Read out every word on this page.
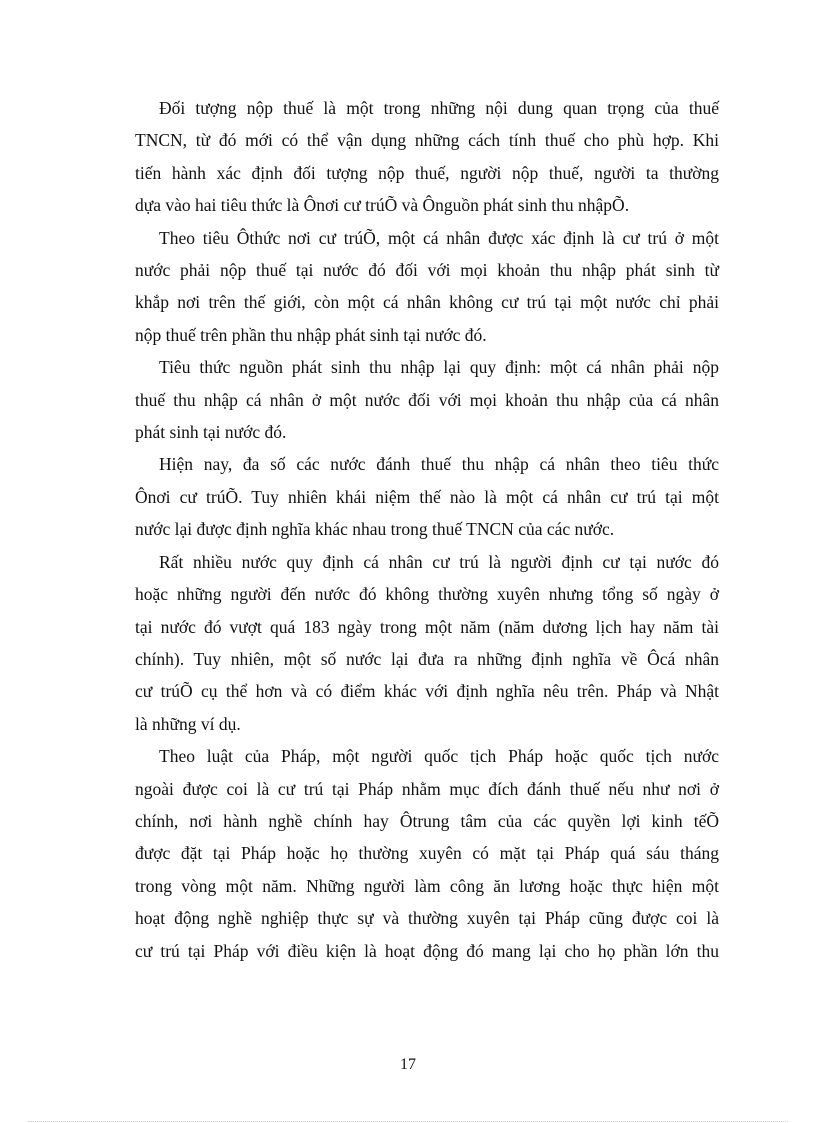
Đối tượng nộp thuế là một trong những nội dung quan trọng của thuế
TNCN, từ đó mới có thể vận dụng những cách tính thuế cho phù hợp. Khi
tiến hành xác định đối tượng nộp thuế, người nộp thuế, người ta thường
dựa vào hai tiêu thức là Ônơi cư trúÕ và Ônguồn phát sinh thu nhậpÕ.

Theo tiêu Ôthức nơi cư trúÕ, một cá nhân được xác định là cư trú ở một
nước phải nộp thuế tại nước đó đối với mọi khoản thu nhập phát sinh từ
khắp nơi trên thế giới, còn một cá nhân không cư trú tại một nước chỉ phải
nộp thuế trên phần thu nhập phát sinh tại nước đó.

Tiêu thức nguồn phát sinh thu nhập lại quy định: một cá nhân phải nộp
thuế thu nhập cá nhân ở một nước đối với mọi khoản thu nhập của cá nhân
phát sinh tại nước đó.

Hiện nay, đa số các nước đánh thuế thu nhập cá nhân theo tiêu thức
Ônơi cư trúÕ. Tuy nhiên khái niệm thế nào là một cá nhân cư trú tại một
nước lại được định nghĩa khác nhau trong thuế TNCN của các nước.

Rất nhiều nước quy định cá nhân cư trú là người định cư tại nước đó
hoặc những người đến nước đó không thường xuyên nhưng tổng số ngày ở
tại nước đó vượt quá 183 ngày trong một năm (năm dương lịch hay năm tài
chính). Tuy nhiên, một số nước lại đưa ra những định nghĩa về Ôcá nhân
cư trúÕ cụ thể hơn và có điểm khác với định nghĩa nêu trên. Pháp và Nhật
là những ví dụ.

Theo luật của Pháp, một người quốc tịch Pháp hoặc quốc tịch nước
ngoài được coi là cư trú tại Pháp nhằm mục đích đánh thuế nếu như nơi ở
chính, nơi hành nghề chính hay Ôtrung tâm của các quyền lợi kinh tếÕ
được đặt tại Pháp hoặc họ thường xuyên có mặt tại Pháp quá sáu tháng
trong vòng một năm. Những người làm công ăn lương hoặc thực hiện một
hoạt động nghề nghiệp thực sự và thường xuyên tại Pháp cũng được coi là
cư trú tại Pháp với điều kiện là hoạt động đó mang lại cho họ phần lớn thu

17
